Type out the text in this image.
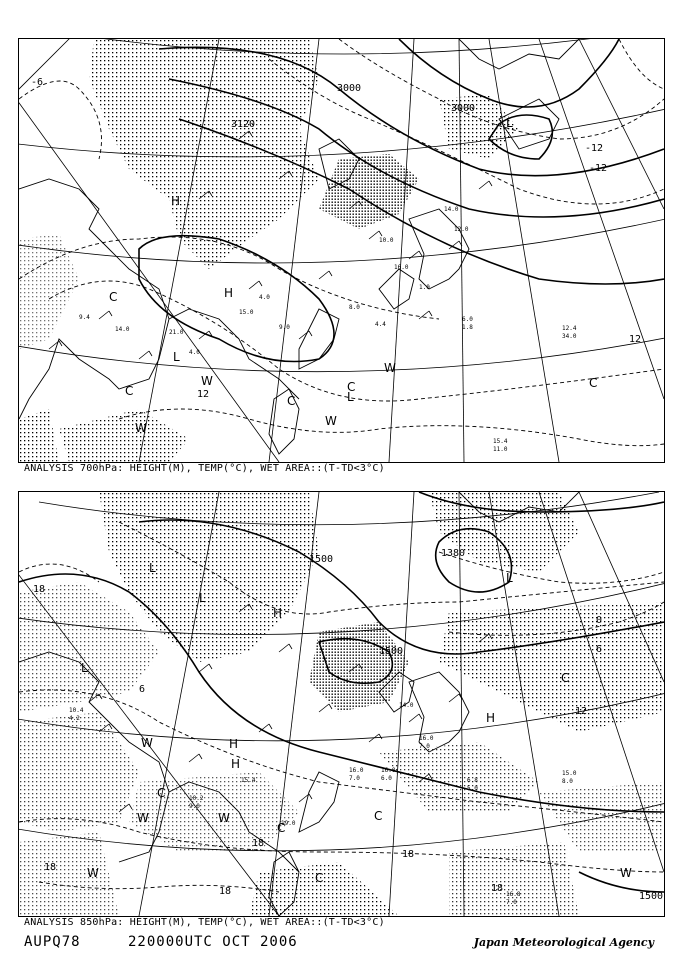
3000
3120
3000
-6
12
-12
12
-12
H
H
L
L
L
W
W
W	W
C
C	C	C
C
9.4
14.0	21.0
4.0
15.0
12.0
14.0
6.0
1.8	12.4
34.0
15.4
11.0
8.0
4.4
16.0
4.0
9.0
1.0
10.0
ANALYSIS 700hPa: HEIGHT(M), TEMP(°C), WET AREA::(T-TD<3°C)
1500
1500
1380
1500
18
6
0
6
12
18
18
18
18	18
H
H
H
H
L
L
L
L
W	W
W
W	W
C
C
C
C
C
10.4
4.2
10.2
9.0
15.4
16.0
7.0
16.0
6.0
14.0
16.0
7.0
6.8
5.0
15.0
8.0
19.0
16.8
7.0
ANALYSIS 850hPa: HEIGHT(M), TEMP(°C), WET AREA::(T-TD<3°C)
AUPQ78	220000UTC OCT 2006	Japan Meteorological Agency
